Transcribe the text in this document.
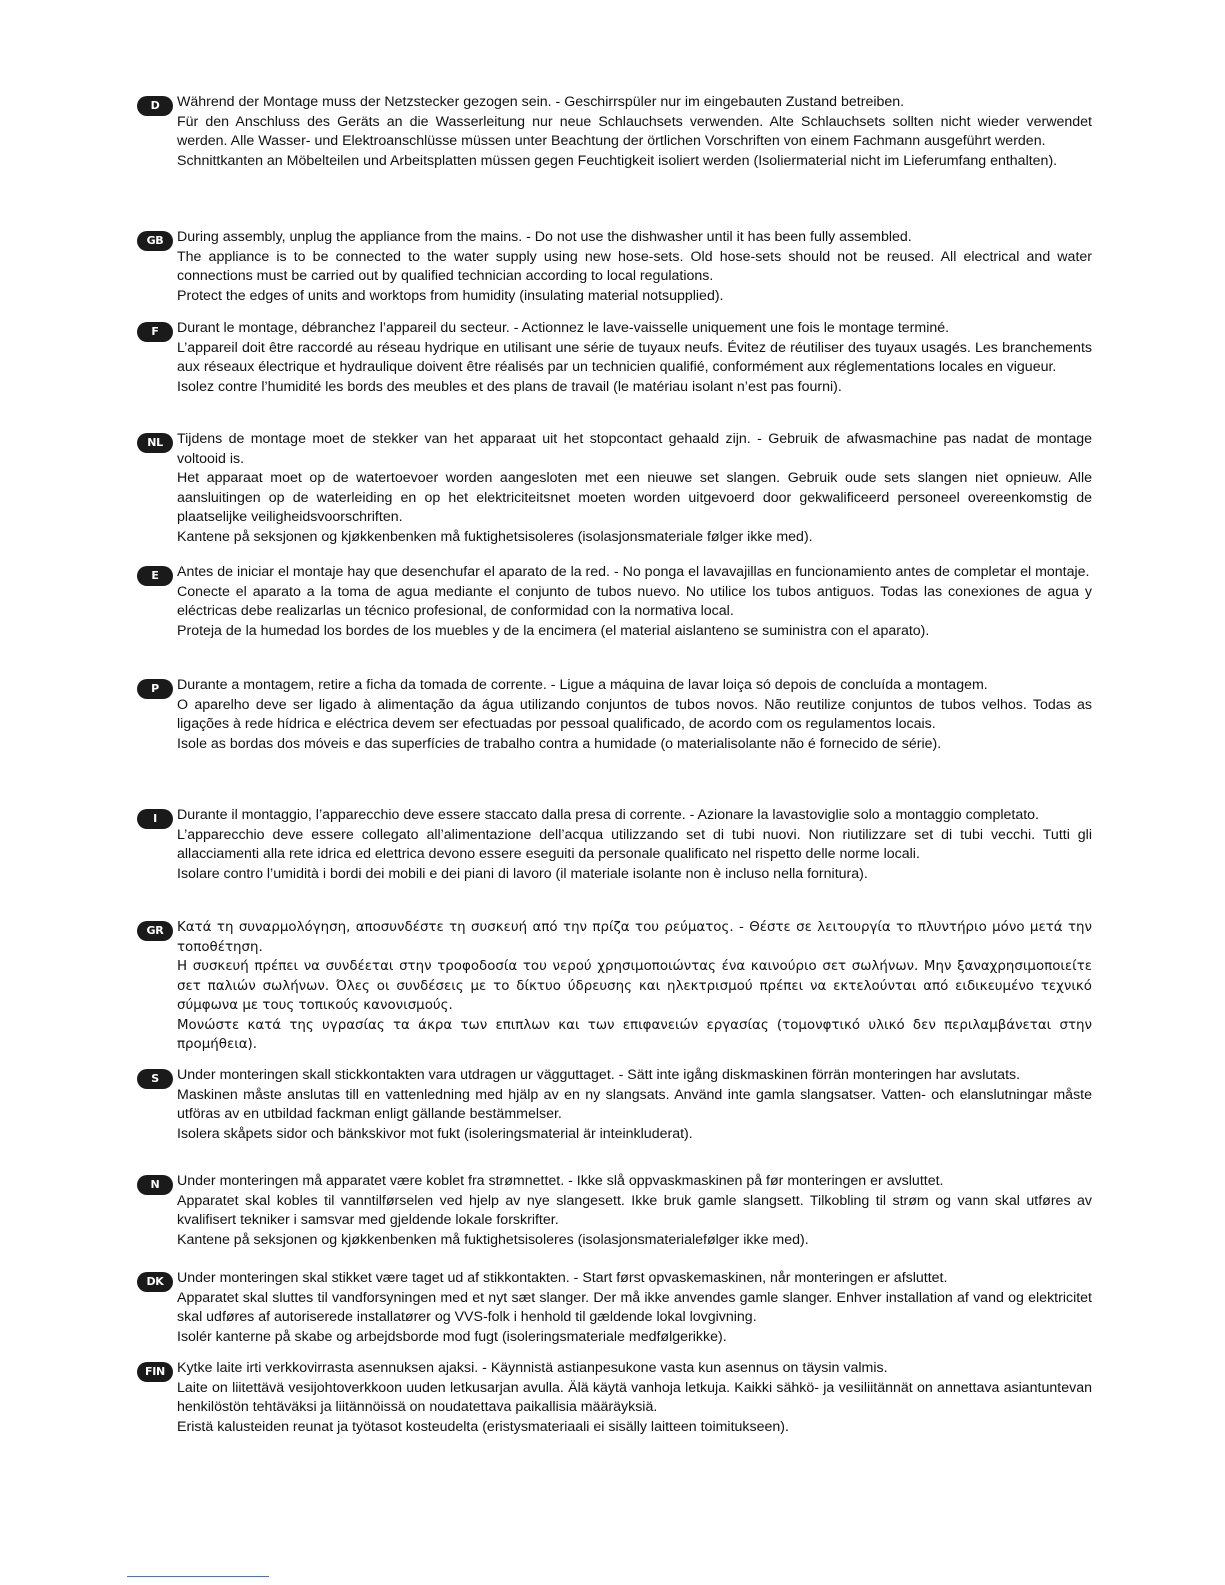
D	Während der Montage muss der Netzstecker gezogen sein. - Geschirrspüler nur im eingebauten Zustand betreiben.

Für den Anschluss des Geräts an die Wasserleitung nur neue Schlauchsets verwenden. Alte Schlauchsets sollten nicht wieder verwendet werden. Alle Wasser- und Elektroanschlüsse müssen unter Beachtung der örtlichen Vorschriften von einem Fachmann ausgeführt werden.

Schnittkanten an Möbelteilen und Arbeitsplatten müssen gegen Feuchtigkeit isoliert werden (Isoliermaterial nicht im Lieferumfang enthalten).

GB During assembly, unplug the appliance from the mains. - Do not use the dishwasher until it has been fully assembled.

The appliance is to be connected to the water supply using new hose-sets. Old hose-sets should not be reused. All electrical and water connections must be carried out by qualified technician according to local regulations.

Protect the edges of units and worktops from humidity (insulating material notsupplied).

F	Durant le montage, débranchez l’appareil du secteur. - Actionnez le lave-vaisselle uniquement une fois le montage terminé.

L’appareil doit être raccordé au réseau hydrique en utilisant une série de tuyaux neufs. Évitez de réutiliser des tuyaux usagés. Les branchements aux réseaux électrique et hydraulique doivent être réalisés par un technicien qualifié, conformément aux réglementations locales en vigueur.

Isolez contre l’humidité les bords des meubles et des plans de travail (le matériau isolant n’est pas fourni).

NL Tijdens de montage moet de stekker van het apparaat uit het stopcontact gehaald zijn. - Gebruik de afwasmachine pas nadat de montage voltooid is.

Het apparaat moet op de watertoevoer worden aangesloten met een nieuwe set slangen. Gebruik oude sets slangen niet opnieuw. Alle aansluitingen op de waterleiding en op het elektriciteitsnet moeten worden uitgevoerd door gekwalificeerd personeel overeenkomstig de plaatselijke veiligheidsvoorschriften.

Kantene på seksjonen og kjøkkenbenken må fuktighetsisoleres (isolasjonsmateriale følger ikke med).

E	Antes de iniciar el montaje hay que desenchufar el aparato de la red. - No ponga el lavavajillas en funcionamiento antes de completar el montaje.

Conecte el aparato a la toma de agua mediante el conjunto de tubos nuevo. No utilice los tubos antiguos. Todas las conexiones de agua y eléctricas debe realizarlas un técnico profesional, de conformidad con la normativa local.

Proteja de la humedad los bordes de los muebles y de la encimera (el material aislanteno se suministra con el aparato).

P	Durante a montagem, retire a ficha da tomada de corrente. - Ligue a máquina de lavar loiça só depois de concluída a montagem.

O aparelho deve ser ligado à alimentação da água utilizando conjuntos de tubos novos. Não reutilize conjuntos de tubos velhos. Todas as ligações à rede hídrica e eléctrica devem ser efectuadas por pessoal qualificado, de acordo com os regulamentos locais.

Isole as bordas dos móveis e das superfícies de trabalho contra a humidade (o materialisolante não é fornecido de série).

I	Durante il montaggio, l’apparecchio deve essere staccato dalla presa di corrente. - Azionare la lavastoviglie solo a montaggio completato.

L’apparecchio deve essere collegato all’alimentazione dell’acqua utilizzando set di tubi nuovi. Non riutilizzare set di tubi vecchi. Tutti gli allacciamenti alla rete idrica ed elettrica devono essere eseguiti da personale qualificato nel rispetto delle norme locali.

Isolare contro l’umidità i bordi dei mobili e dei piani di lavoro (il materiale isolante non è incluso nella fornitura).

GR	Κατά τη συναρμολόγηση, αποσυνδέστε τη συσκευή από την πρίζα του ρεύματος. - Θέστε σε λειτουργία το πλυντήριο μόνο μετά την τοποθέτηση.

Η συσκευή πρέπει να συνδέεται στην τροφοδοσία του νερού χρησιμοποιώντας ένα καινούριο σετ σωλήνων. Μην ξαναχρησιμοποιείτε σετ παλιών σωλήνων. Όλες οι συνδέσεις με το δίκτυο ύδρευσης και ηλεκτρισμού πρέπει να εκτελούνται από ειδικευμένο τεχνικό σύμφωνα με τους τοπικούς κανονισμούς.

Μονώστε κατά της υγρασίας τα άκρα των επιπλων και των επιφανειών εργασίας (τομονφτικό υλικό δεν περιλαμβάνεται στην προμήθεια).

S	Under monteringen skall stickkontakten vara utdragen ur vägguttaget. - Sätt inte igång diskmaskinen förrän monteringen har avslutats.

Maskinen måste anslutas till en vattenledning med hjälp av en ny slangsats. Använd inte gamla slangsatser. Vatten- och elanslutningar måste utföras av en utbildad fackman enligt gällande bestämmelser.

Isolera skåpets sidor och bänkskivor mot fukt (isoleringsmaterial är inteinkluderat).

N	Under monteringen må apparatet være koblet fra strømnettet. - Ikke slå oppvaskmaskinen på før monteringen er avsluttet.

Apparatet skal kobles til vanntilførselen ved hjelp av nye slangesett. Ikke bruk gamle slangsett. Tilkobling til strøm og vann skal utføres av kvalifisert tekniker i samsvar med gjeldende lokale forskrifter.

Kantene på seksjonen og kjøkkenbenken må fuktighetsisoleres (isolasjonsmaterialefølger ikke med).

DK Under monteringen skal stikket være taget ud af stikkontakten. - Start først opvaskemaskinen, når monteringen er afsluttet.

Apparatet skal sluttes til vandforsyningen med et nyt sæt slanger. Der må ikke anvendes gamle slanger. Enhver installation af vand og elektricitet skal udføres af autoriserede installatører og VVS-folk i henhold til gældende lokal lovgivning.

Isolér kanterne på skabe og arbejdsborde mod fugt (isoleringsmateriale medfølgerikke).

FIN Kytke laite irti verkkovirrasta asennuksen ajaksi. - Käynnistä astianpesukone vasta kun asennus on täysin valmis.

Laite on liitettävä vesijohtoverkkoon uuden letkusarjan avulla. Älä käytä vanhoja letkuja. Kaikki sähkö- ja vesiliitännät on annettava asiantuntevan henkilöstön tehtäväksi ja liitännöissä on noudatettava paikallisia määräyksiä.

Eristä kalusteiden reunat ja työtasot kosteudelta (eristysmateriaali ei sisälly laitteen toimitukseen).
